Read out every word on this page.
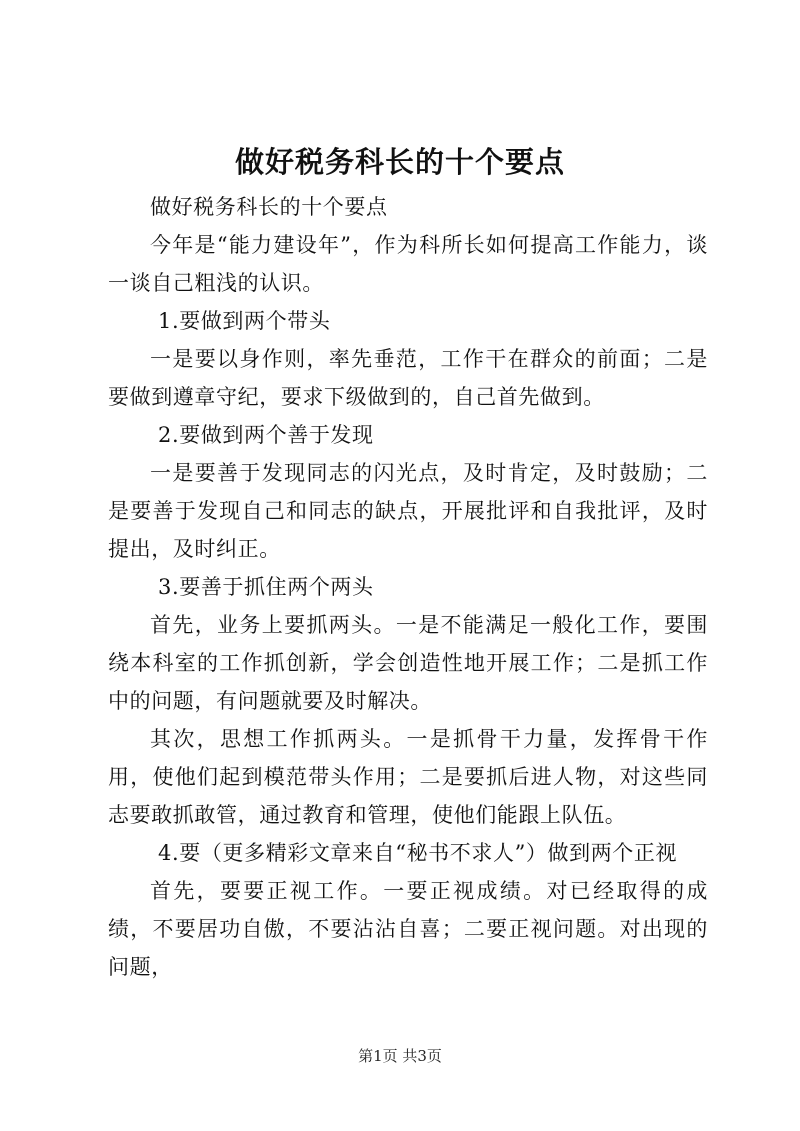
做好税务科长的十个要点

做好税务科长的十个要点

今年是“能力建设年”，作为科所长如何提高工作能力，谈一谈自己粗浅的认识。

1.要做到两个带头

一是要以身作则，率先垂范，工作干在群众的前面；二是要做到遵章守纪，要求下级做到的，自己首先做到。

2.要做到两个善于发现

一是要善于发现同志的闪光点，及时肯定，及时鼓励；二是要善于发现自己和同志的缺点，开展批评和自我批评，及时提出，及时纠正。

3.要善于抓住两个两头

首先，业务上要抓两头。一是不能满足一般化工作，要围绕本科室的工作抓创新，学会创造性地开展工作；二是抓工作中的问题，有问题就要及时解决。

其次，思想工作抓两头。一是抓骨干力量，发挥骨干作用，使他们起到模范带头作用；二是要抓后进人物，对这些同志要敢抓敢管，通过教育和管理，使他们能跟上队伍。

4.要（更多精彩文章来自“秘书不求人”）做到两个正视

首先，要要正视工作。一要正视成绩。对已经取得的成绩，不要居功自傲，不要沾沾自喜；二要正视问题。对出现的问题，

第1页 共3页
